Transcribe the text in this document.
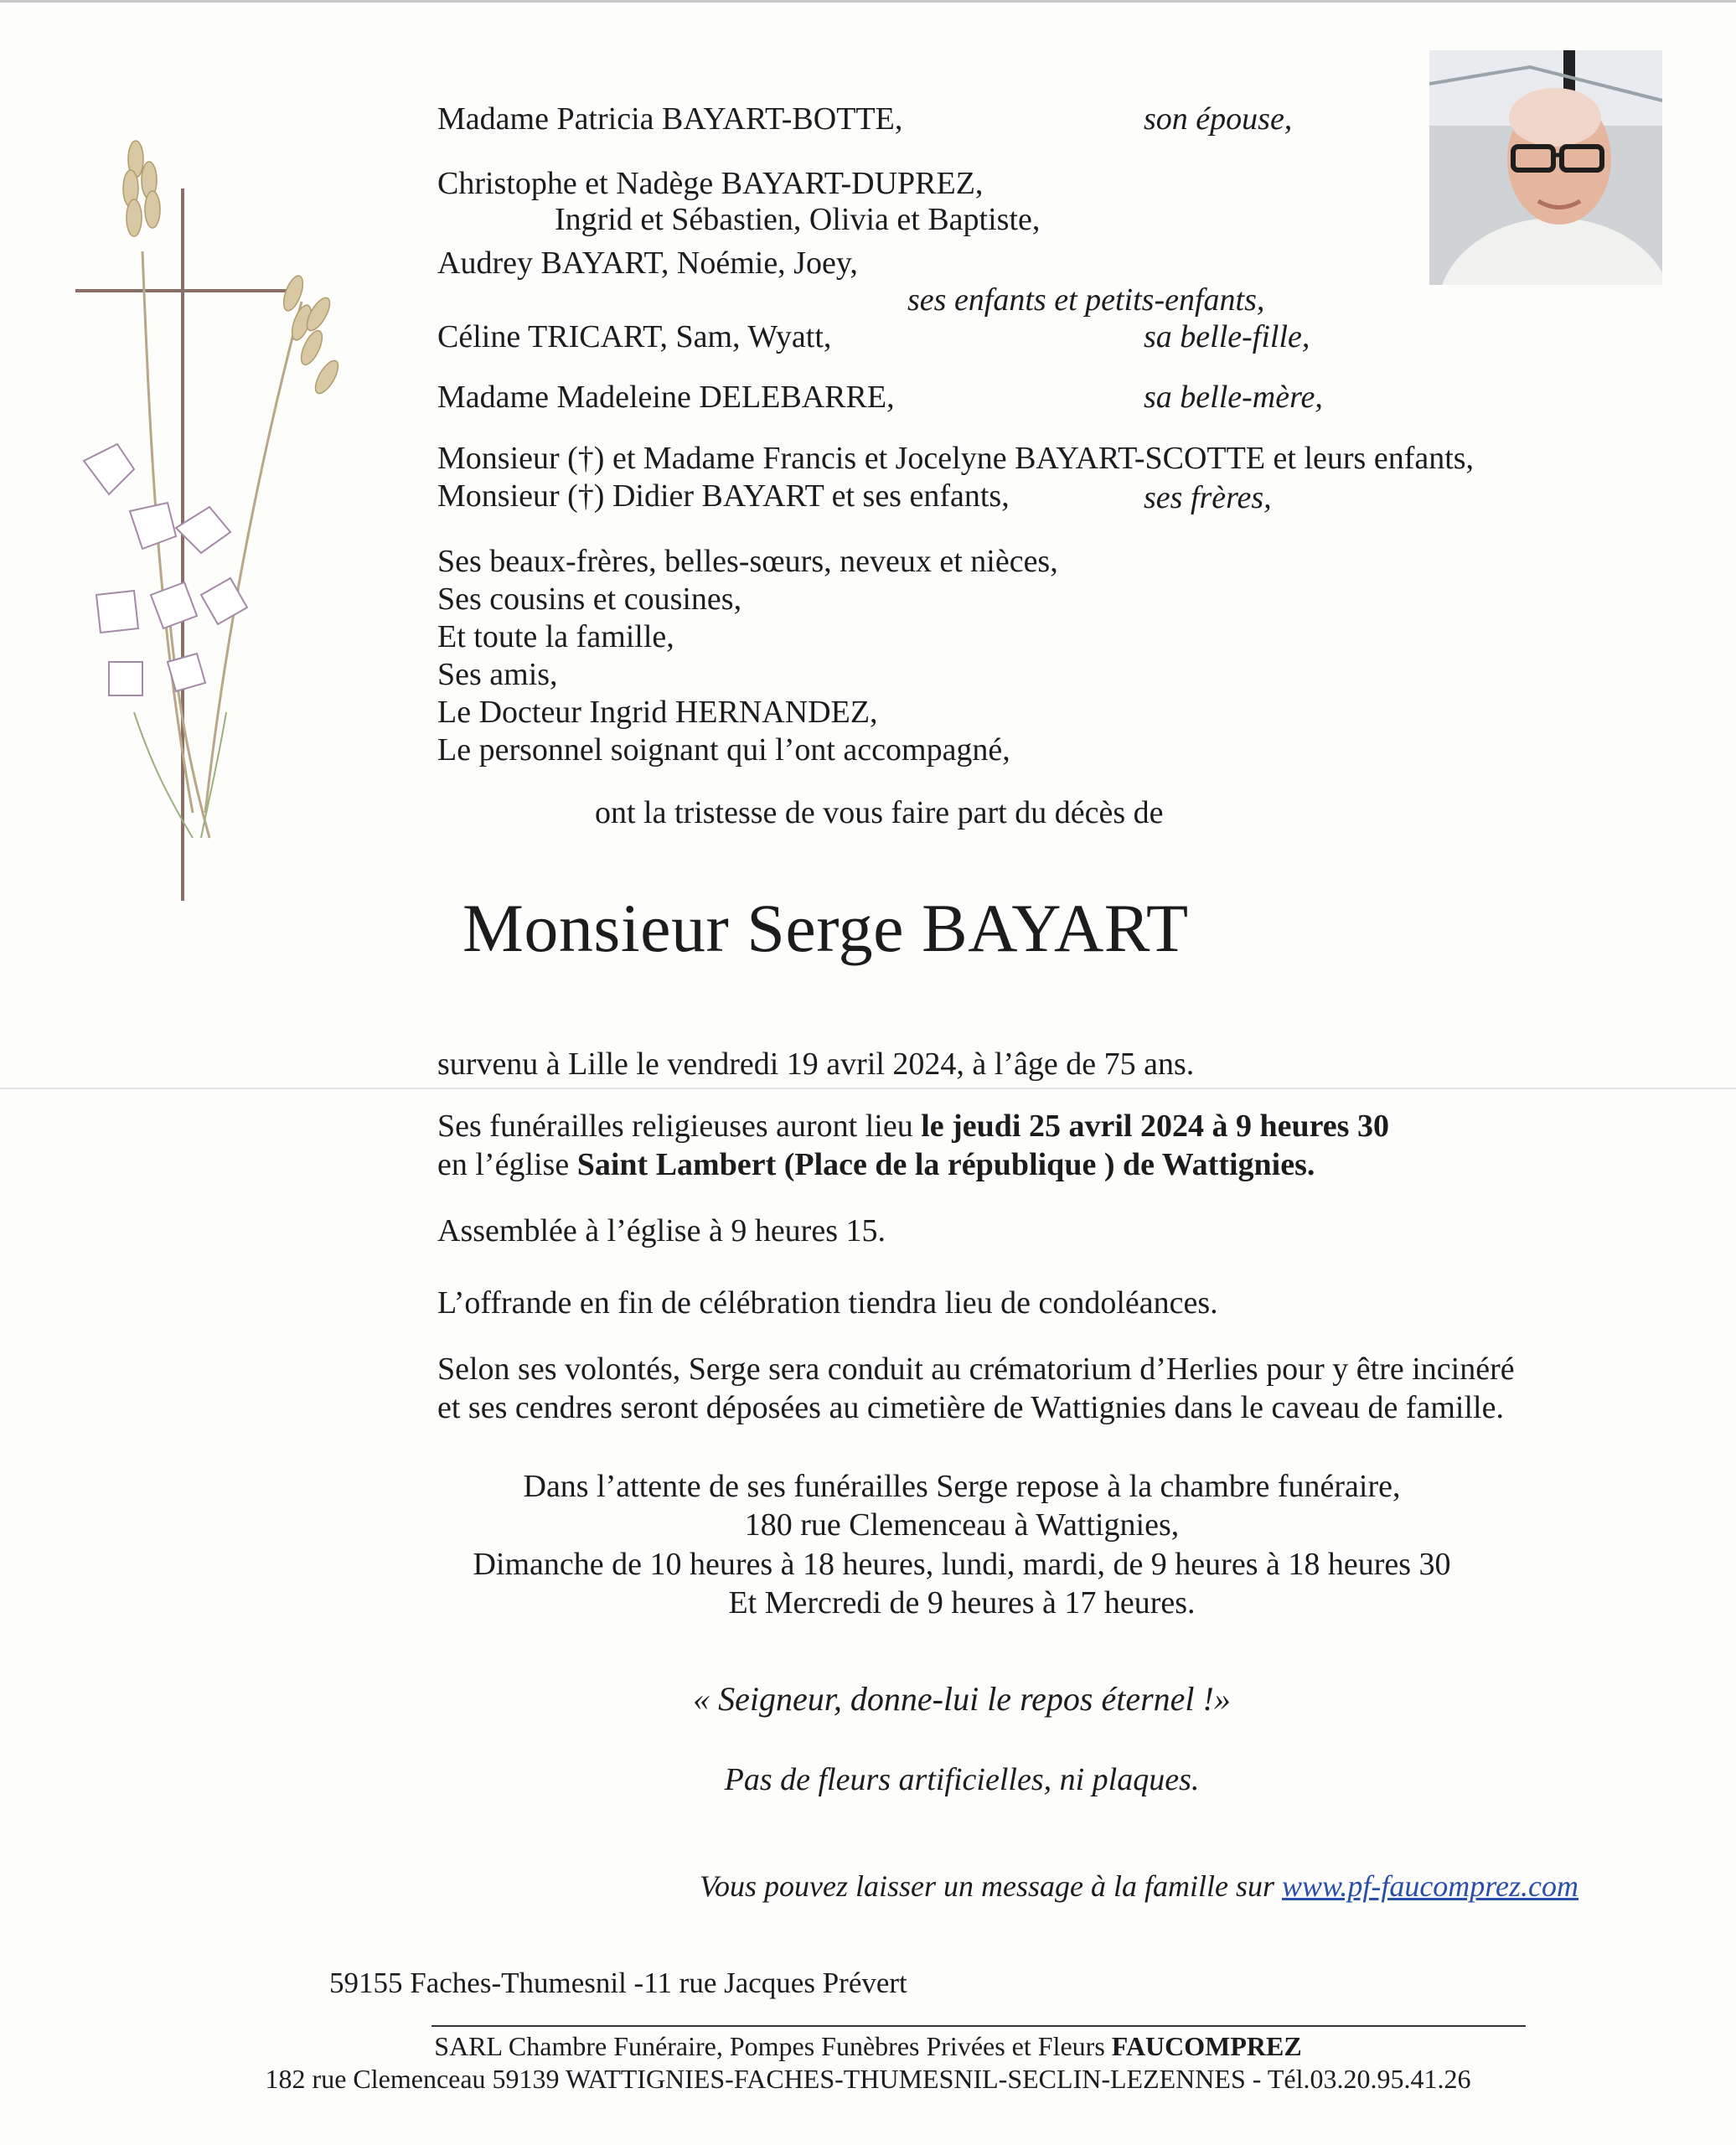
Madame Patricia BAYART-BOTTE,	son épouse,
Christophe et Nadège BAYART-DUPREZ,
Ingrid et Sébastien, Olivia et Baptiste,
Audrey BAYART, Noémie, Joey,
ses enfants et petits-enfants,
Céline TRICART, Sam, Wyatt,	sa belle-fille,
Madame Madeleine DELEBARRE,	sa belle-mère,
Monsieur (†) et Madame Francis et Jocelyne BAYART-SCOTTE et leurs enfants,
Monsieur (†) Didier BAYART et ses enfants,	ses frères,
Ses beaux-frères, belles-sœurs, neveux et nièces,
Ses cousins et cousines,
Et toute la famille,
Ses amis,
Le Docteur Ingrid HERNANDEZ,
Le personnel soignant qui l’ont accompagné,
ont la tristesse de vous faire part du décès de
Monsieur Serge BAYART
survenu à Lille le vendredi 19 avril 2024, à l’âge de 75 ans.
Ses funérailles religieuses auront lieu le jeudi 25 avril 2024 à 9 heures 30
en l’église Saint Lambert (Place de la république ) de Wattignies.
Assemblée à l’église à 9 heures 15.
L’offrande en fin de célébration tiendra lieu de condoléances.
Selon ses volontés, Serge sera conduit au crématorium d’Herlies pour y être incinéré
et ses cendres seront déposées au cimetière de Wattignies dans le caveau de famille.
Dans l’attente de ses funérailles Serge repose à la chambre funéraire,
180 rue Clemenceau à Wattignies,
Dimanche de 10 heures à 18 heures, lundi, mardi, de 9 heures à 18 heures 30
Et Mercredi de 9 heures à 17 heures.
« Seigneur, donne-lui le repos éternel !»
Pas de fleurs artificielles, ni plaques.
Vous pouvez laisser un message à la famille sur www.pf-faucomprez.com
59155 Faches-Thumesnil -11 rue Jacques Prévert
SARL Chambre Funéraire, Pompes Funèbres Privées et Fleurs FAUCOMPREZ
182 rue Clemenceau 59139 WATTIGNIES-FACHES-THUMESNIL-SECLIN-LEZENNES - Tél.03.20.95.41.26
